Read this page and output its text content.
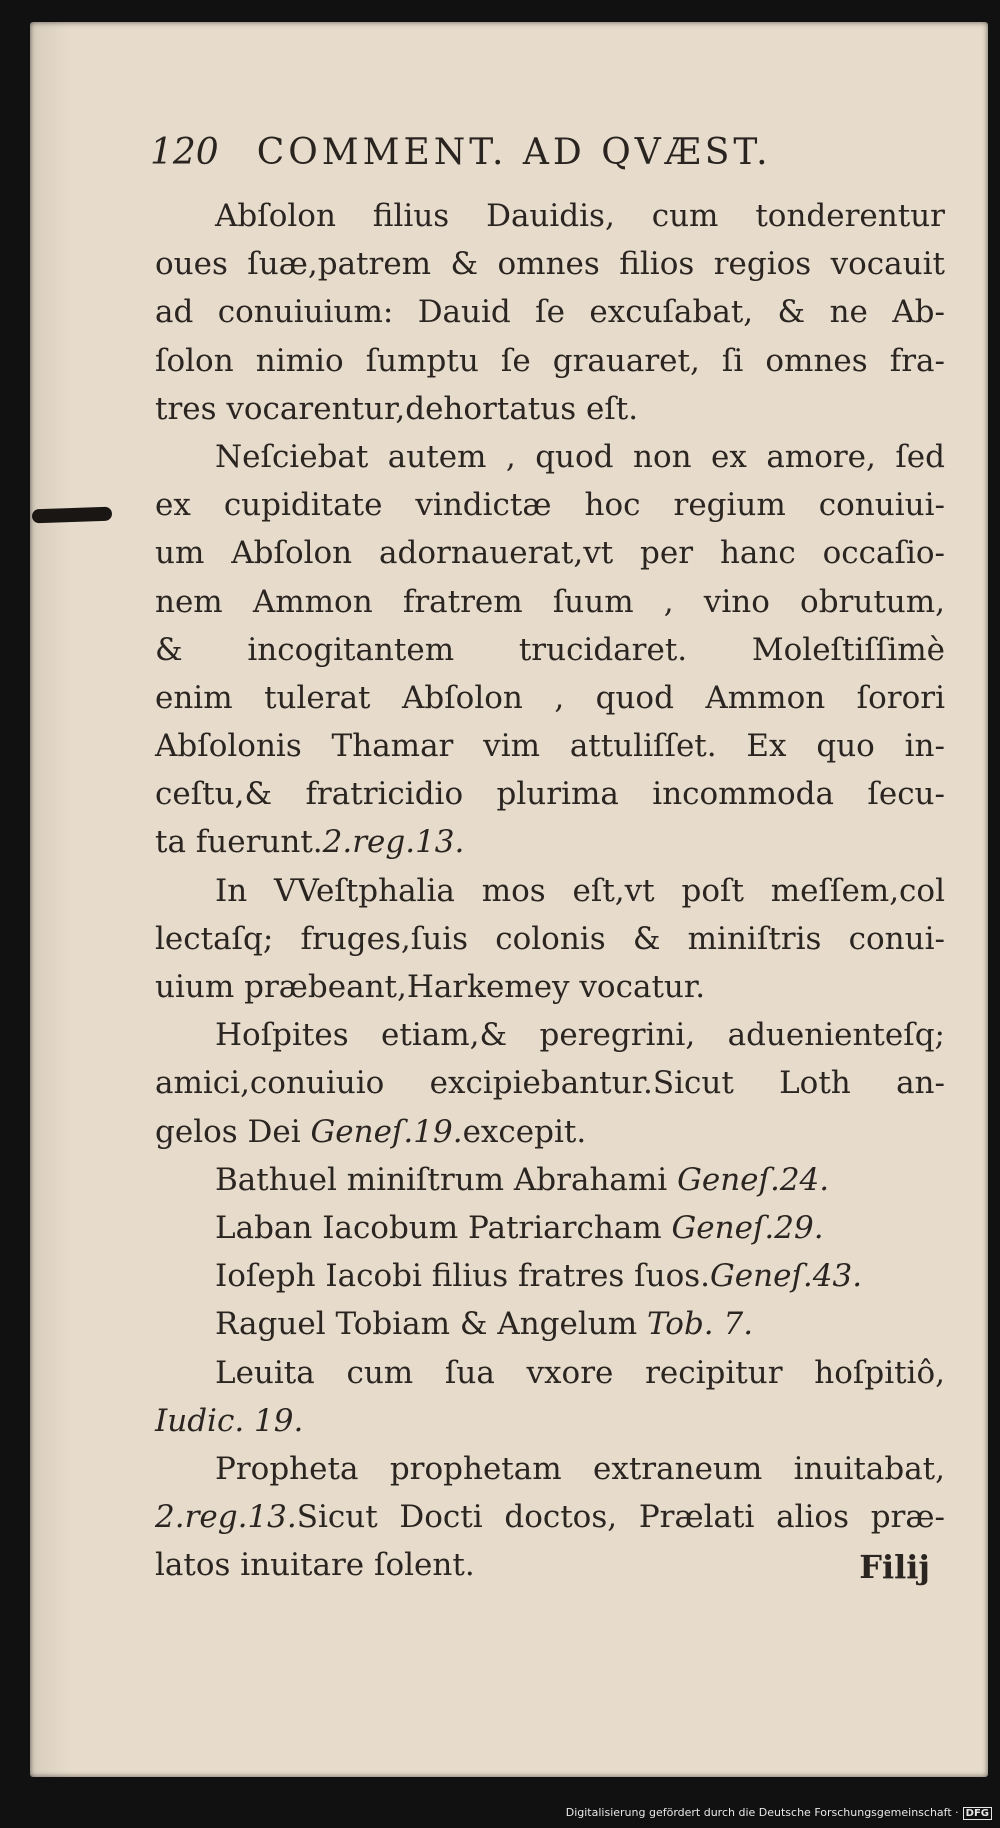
120 COMMENT. AD QVÆST.
Abſolon filius Dauidis, cum tonderentur
oues ſuæ,patrem & omnes filios regios vocauit
ad conuiuium: Dauid ſe excuſabat, & ne Ab-
ſolon nimio ſumptu ſe grauaret, ſi omnes fra-
tres vocarentur,dehortatus eſt.
Neſciebat autem , quod non ex amore, ſed
ex cupiditate vindictæ hoc regium conuiui-
um Abſolon adornauerat,vt per hanc occaſio-
nem Ammon fratrem ſuum , vino obrutum,
& incogitantem trucidaret. Moleſtiſſimè
enim tulerat Abſolon , quod Ammon ſorori
Abſolonis Thamar vim attuliſſet. Ex quo in-
ceſtu,& fratricidio plurima incommoda ſecu-
ta fuerunt.2.reg.13.
In VVeſtphalia mos eſt,vt poſt meſſem,col
lectaſq; fruges,ſuis colonis & miniſtris conui-
uium præbeant,Harkemey vocatur.
Hoſpites etiam,& peregrini, aduenienteſq;
amici,conuiuio excipiebantur.Sicut Loth an-
gelos Dei Geneſ.19.excepit.
Bathuel miniſtrum Abrahami Geneſ.24.
Laban Iacobum Patriarcham Geneſ.29.
Ioſeph Iacobi filius fratres ſuos.Geneſ.43.
Raguel Tobiam & Angelum Tob. 7.
Leuita cum ſua vxore recipitur hoſpitiô,
Iudic. 19.
Propheta prophetam extraneum inuitabat,
2.reg.13.Sicut Docti doctos, Prælati alios præ-
latos inuitare ſolent.	Filij
Digitalisierung gefördert durch die Deutsche Forschungsgemeinschaft · DFG
